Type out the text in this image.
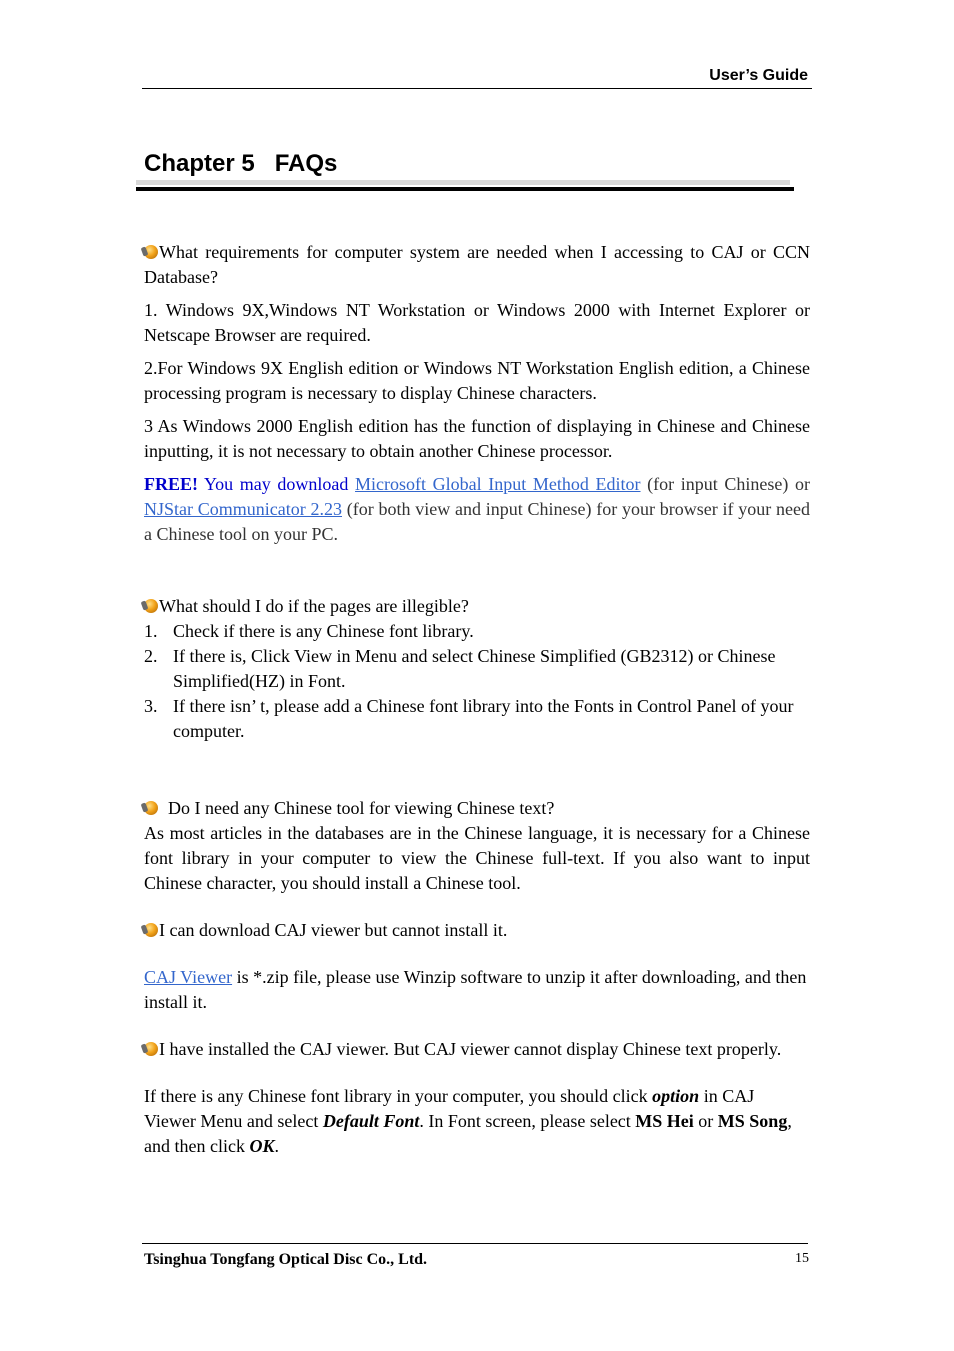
User’s Guide
Chapter 5   FAQs

What requirements for computer system are needed when I accessing to CAJ or CCN Database?

1. Windows 9X,Windows NT Workstation or Windows 2000 with Internet Explorer or Netscape Browser are required.

2.For Windows 9X English edition or Windows NT Workstation English edition, a Chinese processing program is necessary to display Chinese characters.

3 As Windows 2000 English edition has the function of displaying in Chinese and Chinese inputting, it is not necessary to obtain another Chinese processor.

FREE! You may download Microsoft Global Input Method Editor (for input Chinese) or NJStar Communicator 2.23 (for both view and input Chinese) for your browser if your need a Chinese tool on your PC.

What should I do if the pages are illegible?

1. Check if there is any Chinese font library.
2. If there is, Click View in Menu and select Chinese Simplified (GB2312) or Chinese Simplified(HZ) in Font.
3. If there isn’ t, please add a Chinese font library into the Fonts in Control Panel of your computer.

Do I need any Chinese tool for viewing Chinese text?

As most articles in the databases are in the Chinese language, it is necessary for a Chinese font library in your computer to view the Chinese full-text. If you also want to input Chinese character, you should install a Chinese tool.

I can download CAJ viewer but cannot install it.

CAJ Viewer is *.zip file, please use Winzip software to unzip it after downloading, and then install it.

I have installed the CAJ viewer. But CAJ viewer cannot display Chinese text properly.

If there is any Chinese font library in your computer, you should click option in CAJ Viewer Menu and select Default Font. In Font screen, please select MS Hei or MS Song, and then click OK.

Tsinghua Tongfang Optical Disc Co., Ltd.	15
